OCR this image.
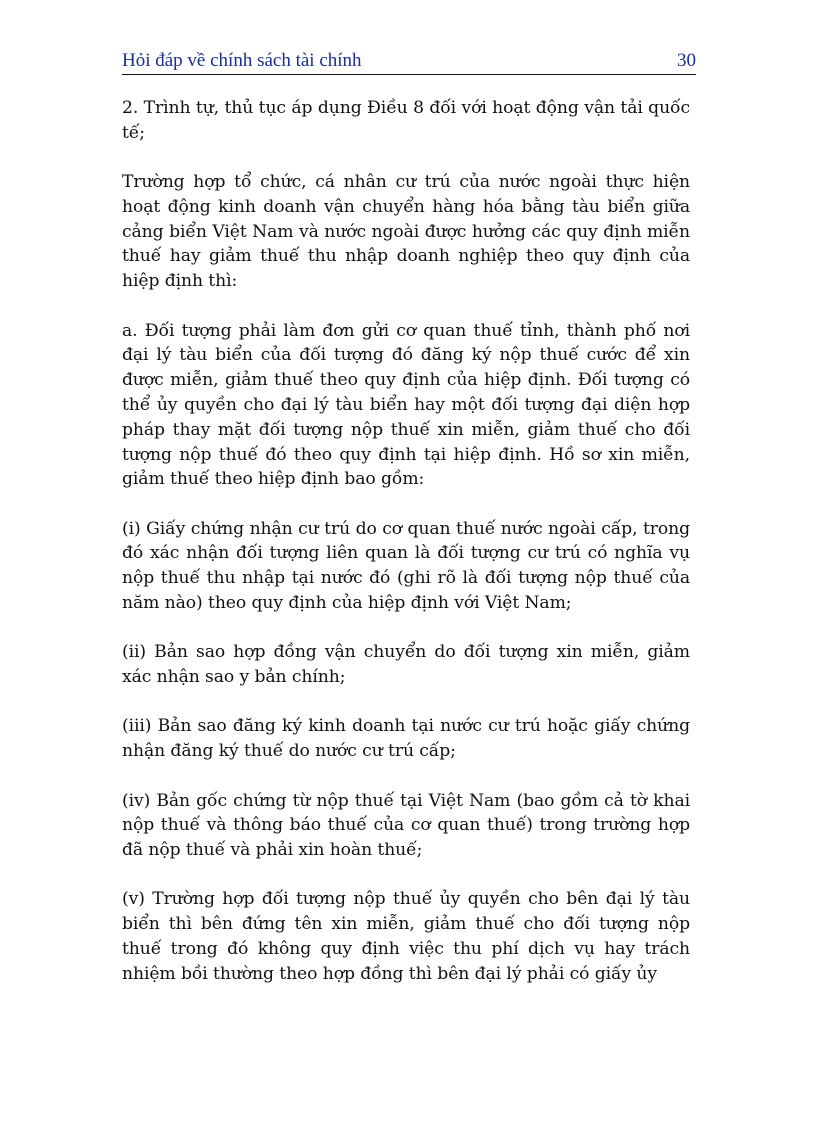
Hỏi đáp về chính sách tài chính	30

2. Trình tự, thủ tục áp dụng Điều 8 đối với hoạt động vận tải quốc tế;

Trường hợp tổ chức, cá nhân cư trú của nước ngoài thực hiện hoạt động kinh doanh vận chuyển hàng hóa bằng tàu biển giữa cảng biển Việt Nam và nước ngoài được hưởng các quy định miễn thuế hay giảm thuế thu nhập doanh nghiệp theo quy định của hiệp định thì:

a. Đối tượng phải làm đơn gửi cơ quan thuế tỉnh, thành phố nơi đại lý tàu biển của đối tượng đó đăng ký nộp thuế cước để xin được miễn, giảm thuế theo quy định của hiệp định. Đối tượng có thể ủy quyền cho đại lý tàu biển hay một đối tượng đại diện hợp pháp thay mặt đối tượng nộp thuế xin miễn, giảm thuế cho đối tượng nộp thuế đó theo quy định tại hiệp định. Hồ sơ xin miễn, giảm thuế theo hiệp định bao gồm:

(i) Giấy chứng nhận cư trú do cơ quan thuế nước ngoài cấp, trong đó xác nhận đối tượng liên quan là đối tượng cư trú có nghĩa vụ nộp thuế thu nhập tại nước đó (ghi rõ là đối tượng nộp thuế của năm nào) theo quy định của hiệp định với Việt Nam;

(ii) Bản sao hợp đồng vận chuyển do đối tượng xin miễn, giảm xác nhận sao y bản chính;

(iii) Bản sao đăng ký kinh doanh tại nước cư trú hoặc giấy chứng nhận đăng ký thuế do nước cư trú cấp;

(iv) Bản gốc chứng từ nộp thuế tại Việt Nam (bao gồm cả tờ khai nộp thuế và thông báo thuế của cơ quan thuế) trong trường hợp đã nộp thuế và phải xin hoàn thuế;

(v) Trường hợp đối tượng nộp thuế ủy quyền cho bên đại lý tàu biển thì bên đứng tên xin miễn, giảm thuế cho đối tượng nộp thuế trong đó không quy định việc thu phí dịch vụ hay trách nhiệm bồi thường theo hợp đồng thì bên đại lý phải có giấy ủy
